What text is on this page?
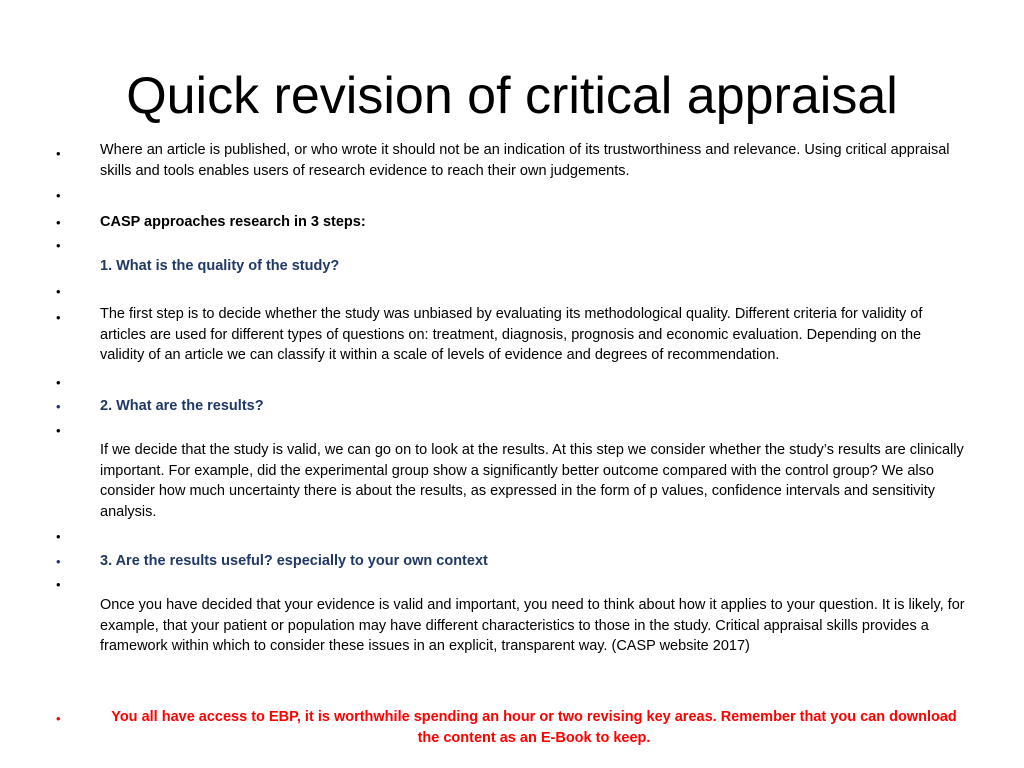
Quick revision of critical appraisal
•	Where an article is published, or who wrote it should not be an indication of its trustworthiness and relevance. Using critical appraisal skills and tools enables users of research evidence to reach their own judgements.

•
•	CASP approaches research in 3 steps:

•

1. What is the quality of the study?

•
•	The first step is to decide whether the study was unbiased by evaluating its methodological quality. Different criteria for validity of articles are used for different types of questions on: treatment, diagnosis, prognosis and economic evaluation. Depending on the validity of an article we can classify it within a scale of levels of evidence and degrees of recommendation.

•
•	2. What are the results?

•

If we decide that the study is valid, we can go on to look at the results. At this step we consider whether the study’s results are clinically important. For example, did the experimental group show a significantly better outcome compared with the control group? We also consider how much uncertainty there is about the results, as expressed in the form of p values, confidence intervals and sensitivity analysis.

•
•	3. Are the results useful? especially to your own context

•

Once you have decided that your evidence is valid and important, you need to think about how it applies to your question. It is likely, for example, that your patient or population may have different characteristics to those in the study. Critical appraisal skills provides a framework within which to consider these issues in an explicit, transparent way. (CASP website 2017)

•	You all have access to EBP, it is worthwhile spending an hour or two revising key areas. Remember that you can download the content as an E-Book to keep.
